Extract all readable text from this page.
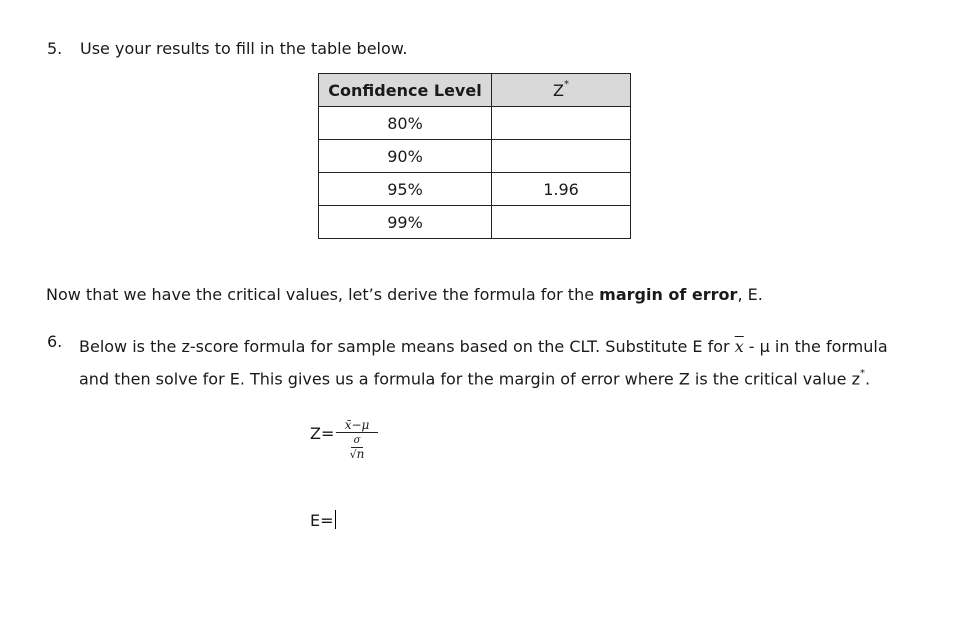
5. Use your results to fill in the table below.
Confidence Level	Z*
80%	
90%	
95%	1.96
99%	
Now that we have the critical values, let’s derive the formula for the margin of error, E.
6. Below is the z-score formula for sample means based on the CLT. Substitute E for $\overline{x}$ - μ in the formula and then solve for E. This gives us a formula for the margin of error where Z is the critical value z*.
Z= x̄−μ
σ
√n
E=
